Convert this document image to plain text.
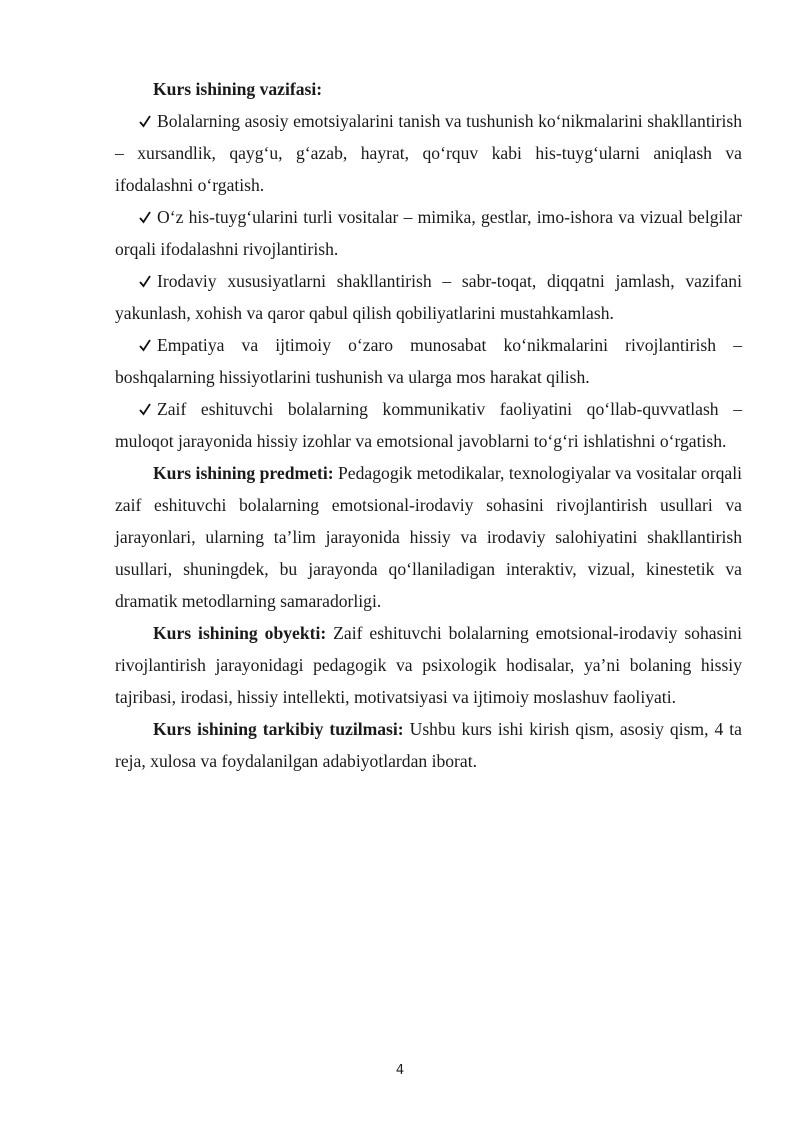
Kurs ishining vazifasi:

Bolalarning asosiy emotsiyalarini tanish va tushunish ko‘nikmalarini shakllantirish – xursandlik, qayg‘u, g‘azab, hayrat, qo‘rquv kabi his-tuyg‘ularni aniqlash va ifodalashni o‘rgatish.

O‘z his-tuyg‘ularini turli vositalar – mimika, gestlar, imo-ishora va vizual belgilar orqali ifodalashni rivojlantirish.

Irodaviy xususiyatlarni shakllantirish – sabr-toqat, diqqatni jamlash, vazifani yakunlash, xohish va qaror qabul qilish qobiliyatlarini mustahkamlash.

Empatiya va ijtimoiy o‘zaro munosabat ko‘nikmalarini rivojlantirish – boshqalarning hissiyotlarini tushunish va ularga mos harakat qilish.

Zaif eshituvchi bolalarning kommunikativ faoliyatini qo‘llab-quvvatlash – muloqot jarayonida hissiy izohlar va emotsional javoblarni to‘g‘ri ishlatishni o‘rgatish.

Kurs ishining predmeti: Pedagogik metodikalar, texnologiyalar va vositalar orqali zaif eshituvchi bolalarning emotsional-irodaviy sohasini rivojlantirish usullari va jarayonlari, ularning ta’lim jarayonida hissiy va irodaviy salohiyatini shakllantirish usullari, shuningdek, bu jarayonda qo‘llaniladigan interaktiv, vizual, kinestetik va dramatik metodlarning samaradorligi.

Kurs ishining obyekti: Zaif eshituvchi bolalarning emotsional-irodaviy sohasini rivojlantirish jarayonidagi pedagogik va psixologik hodisalar, ya’ni bolaning hissiy tajribasi, irodasi, hissiy intellekti, motivatsiyasi va ijtimoiy moslashuv faoliyati.

Kurs ishining tarkibiy tuzilmasi: Ushbu kurs ishi kirish qism, asosiy qism, 4 ta reja, xulosa va foydalanilgan adabiyotlardan iborat.

4
